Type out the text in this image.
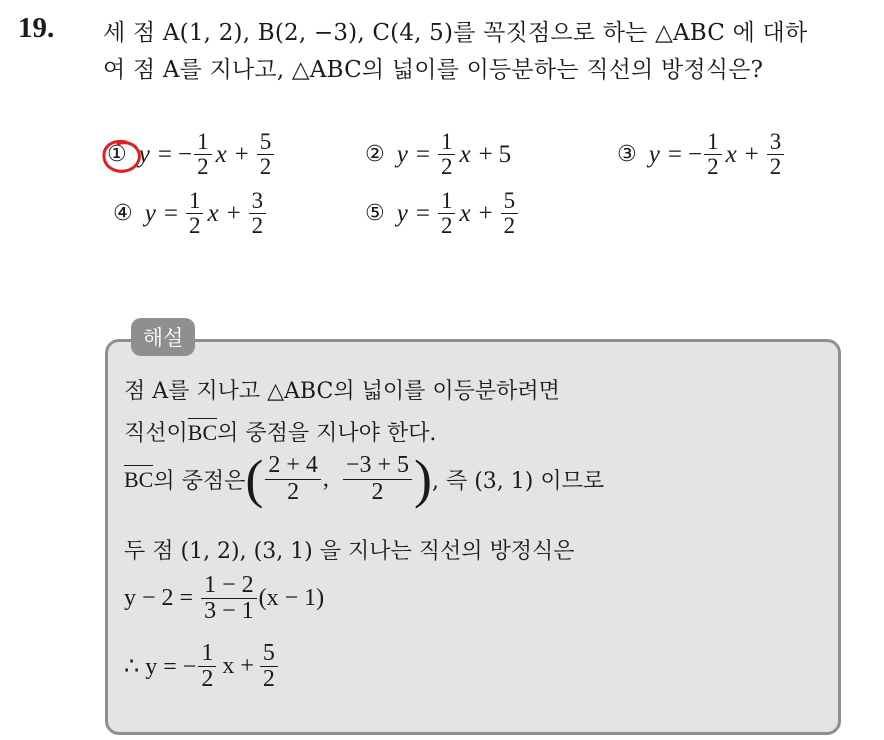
19. 세 점 A(1, 2), B(2, −3), C(4, 5)를 꼭짓점으로 하는 △ABC 에 대하
여 점 A를 지나고, △ABC의 넓이를 이등분하는 직선의 방정식은?
① y = − $\frac{1}{2}$ $x + \frac{5}{2}$	② $y = \frac{1}{2}$ x + 5	③ y = − $\frac{1}{2}$ $x + \frac{3}{2}$
④ $y = \frac{1}{2}$ $x + \frac{3}{2}$	⑤ $y = \frac{1}{2}$ $x + \frac{5}{2}$
해설
점 A를 지나고 △ABC의 넓이를 이등분하려면
직선이 BC 의 중점을 지나야 한다.
BC 의 중점은 ( $\frac{2 + 4}{2}$ , $\frac{-3 + 5}{2}$ ) , 즉 (3, 1) 이므로
두 점 (1, 2), (3, 1) 을 지나는 직선의 방정식은
$y - 2 = \frac{1 - 2}{3 - 1} (x - 1)$
∴ y = − $\frac{1}{2}$ $x + \frac{5}{2}$
